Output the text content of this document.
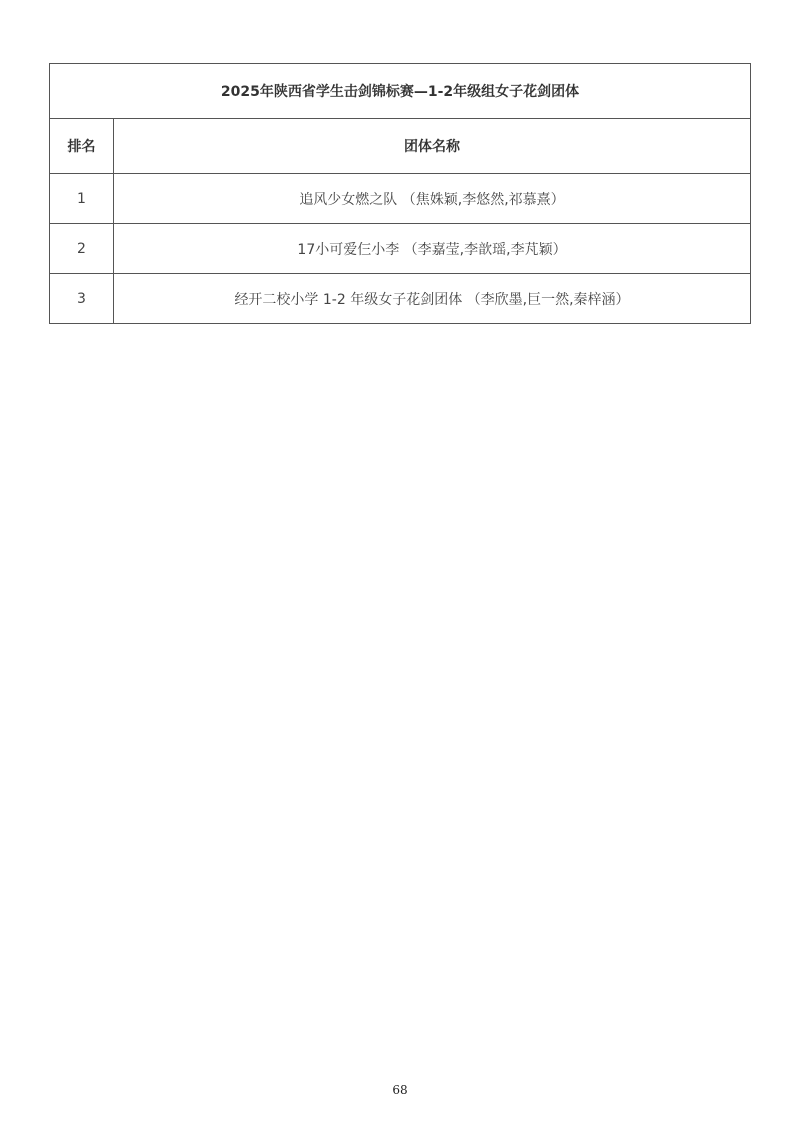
2025年陕西省学生击剑锦标赛—1-2年级组女子花剑团体	
排名	团体名称
1	追风少女燃之队 （焦姝颖,李悠然,祁慕熹）
2	17小可爱仨小李 （李嘉莹,李歆瑶,李芃颖）
3	经开二校小学 1-2 年级女子花剑团体 （李欣墨,巨一然,秦梓涵）
68
